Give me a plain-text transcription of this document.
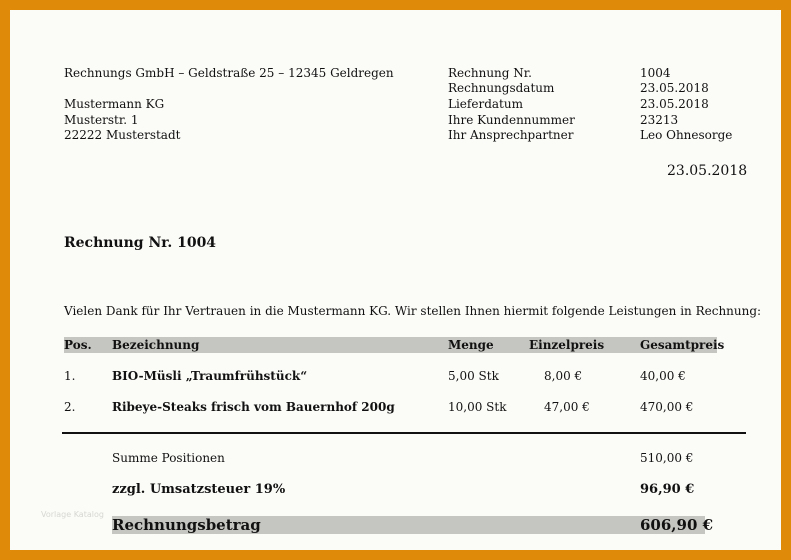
Rechnungs GmbH – Geldstraße 25 – 12345 Geldregen
Mustermann KG
Musterstr. 1
22222 Musterstadt
Rechnung Nr.	1004
Rechnungsdatum	23.05.2018
Lieferdatum	23.05.2018
Ihre Kundennummer	23213
Ihr Ansprechpartner	Leo Ohnesorge
23.05.2018
Rechnung Nr. 1004
Vielen Dank für Ihr Vertrauen in die Mustermann KG. Wir stellen Ihnen hiermit folgende Leistungen in Rechnung:
Pos. Bezeichnung	Menge	Einzelpreis	Gesamtpreis
1.	BIO-Müsli „Traumfrühstück“	5,00 Stk	8,00 €	40,00 €
2.	Ribeye-Steaks frisch vom Bauernhof 200g	10,00 Stk	47,00 €	470,00 €
Summe Positionen	510,00 €
zzgl. Umsatzsteuer 19%	96,90 €
Rechnungsbetrag	606,90 €
Vorlage Katalog
